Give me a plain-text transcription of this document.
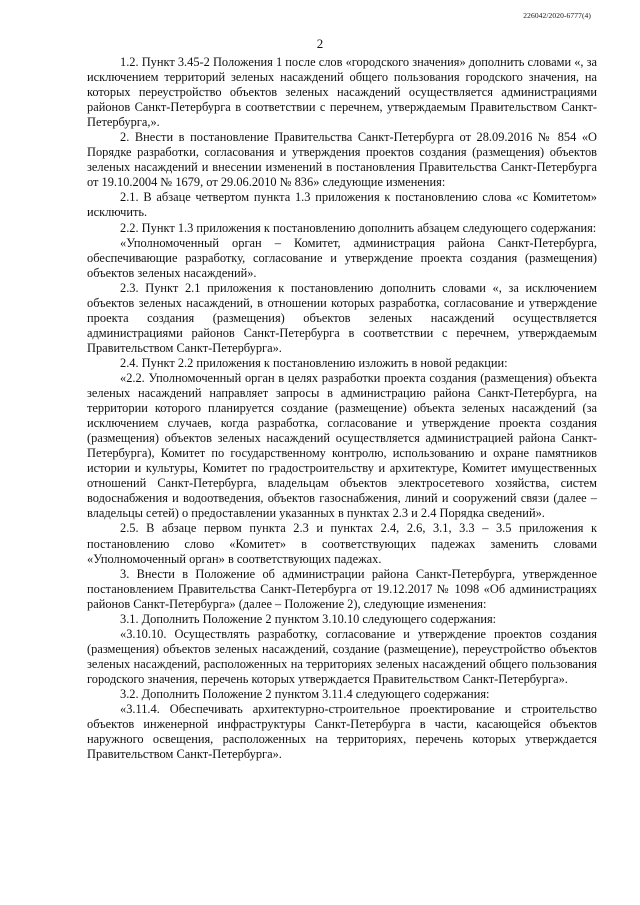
226042/2020-6777(4)
2

1.2. Пункт 3.45-2 Положения 1 после слов «городского значения» дополнить словами «, за исключением территорий зеленых насаждений общего пользования городского значения, на которых переустройство объектов зеленых насаждений осуществляется администрациями районов Санкт-Петербурга в соответствии с перечнем, утверждаемым Правительством Санкт-Петербурга,».

2. Внести в постановление Правительства Санкт-Петербурга от 28.09.2016 № 854 «О Порядке разработки, согласования и утверждения проектов создания (размещения) объектов зеленых насаждений и внесении изменений в постановления Правительства Санкт-Петербурга от 19.10.2004 № 1679, от 29.06.2010 № 836» следующие изменения:

2.1. В абзаце четвертом пункта 1.3 приложения к постановлению слова «с Комитетом» исключить.

2.2. Пункт 1.3 приложения к постановлению дополнить абзацем следующего содержания:

«Уполномоченный орган – Комитет, администрация района Санкт-Петербурга, обеспечивающие разработку, согласование и утверждение проекта создания (размещения) объектов зеленых насаждений».

2.3. Пункт 2.1 приложения к постановлению дополнить словами «, за исключением объектов зеленых насаждений, в отношении которых разработка, согласование и утверждение проекта создания (размещения) объектов зеленых насаждений осуществляется администрациями районов Санкт-Петербурга в соответствии с перечнем, утверждаемым Правительством Санкт-Петербурга».

2.4. Пункт 2.2 приложения к постановлению изложить в новой редакции:

«2.2. Уполномоченный орган в целях разработки проекта создания (размещения) объекта зеленых насаждений направляет запросы в администрацию района Санкт-Петербурга, на территории которого планируется создание (размещение) объекта зеленых насаждений (за исключением случаев, когда разработка, согласование и утверждение проекта создания (размещения) объектов зеленых насаждений осуществляется администрацией района Санкт-Петербурга), Комитет по государственному контролю, использованию и охране памятников истории и культуры, Комитет по градостроительству и архитектуре, Комитет имущественных отношений Санкт-Петербурга, владельцам объектов электросетевого хозяйства, систем водоснабжения и водоотведения, объектов газоснабжения, линий и сооружений связи (далее – владельцы сетей) о предоставлении указанных в пунктах 2.3 и 2.4 Порядка сведений».

2.5. В абзаце первом пункта 2.3 и пунктах 2.4, 2.6, 3.1, 3.3 – 3.5 приложения к постановлению слово «Комитет» в соответствующих падежах заменить словами «Уполномоченный орган» в соответствующих падежах.

3. Внести в Положение об администрации района Санкт-Петербурга, утвержденное постановлением Правительства Санкт-Петербурга от 19.12.2017 № 1098 «Об администрациях районов Санкт-Петербурга» (далее – Положение 2), следующие изменения:

3.1. Дополнить Положение 2 пунктом 3.10.10 следующего содержания:

«3.10.10. Осуществлять разработку, согласование и утверждение проектов создания (размещения) объектов зеленых насаждений, создание (размещение), переустройство объектов зеленых насаждений, расположенных на территориях зеленых насаждений общего пользования городского значения, перечень которых утверждается Правительством Санкт-Петербурга».

3.2. Дополнить Положение 2 пунктом 3.11.4 следующего содержания:

«3.11.4. Обеспечивать архитектурно-строительное проектирование и строительство объектов инженерной инфраструктуры Санкт-Петербурга в части, касающейся объектов наружного освещения, расположенных на территориях, перечень которых утверждается Правительством Санкт-Петербурга».
